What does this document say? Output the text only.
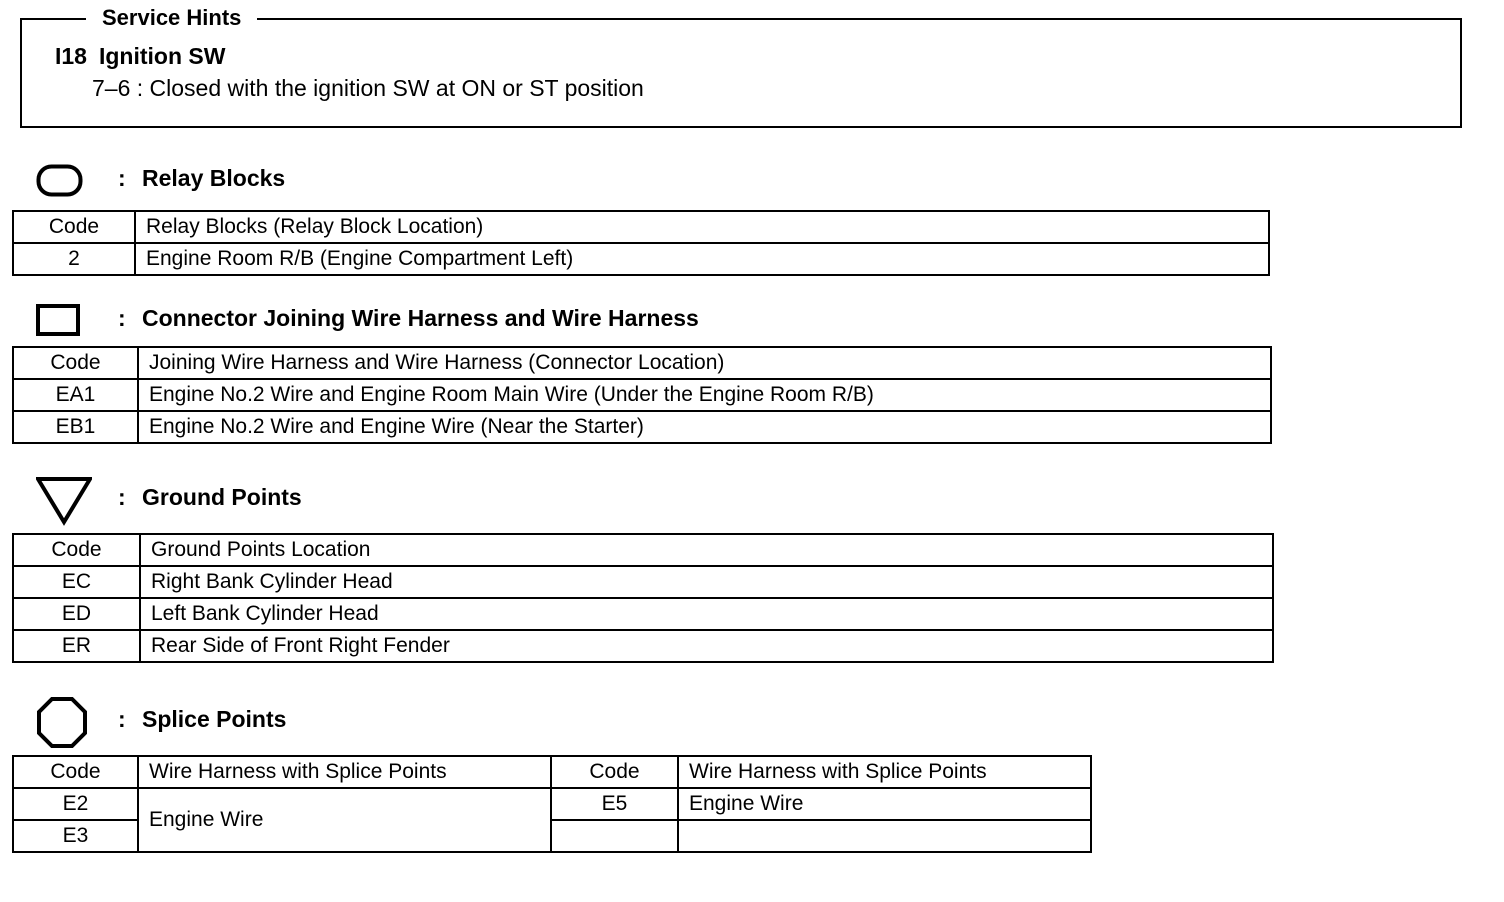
Service Hints
I18 Ignition SW
7–6 : Closed with the ignition SW at ON or ST position
: Relay Blocks
Code	Relay Blocks (Relay Block Location)
2	Engine Room R/B (Engine Compartment Left)
: Connector Joining Wire Harness and Wire Harness
Code	Joining Wire Harness and Wire Harness (Connector Location)
EA1	Engine No.2 Wire and Engine Room Main Wire (Under the Engine Room R/B)
EB1	Engine No.2 Wire and Engine Wire (Near the Starter)
: Ground Points
Code	Ground Points Location
EC	Right Bank Cylinder Head
ED	Left Bank Cylinder Head
ER	Rear Side of Front Right Fender
: Splice Points
Code	Wire Harness with Splice Points	Code	Wire Harness with Splice Points
E2	Engine Wire	E5	Engine Wire
E3			
